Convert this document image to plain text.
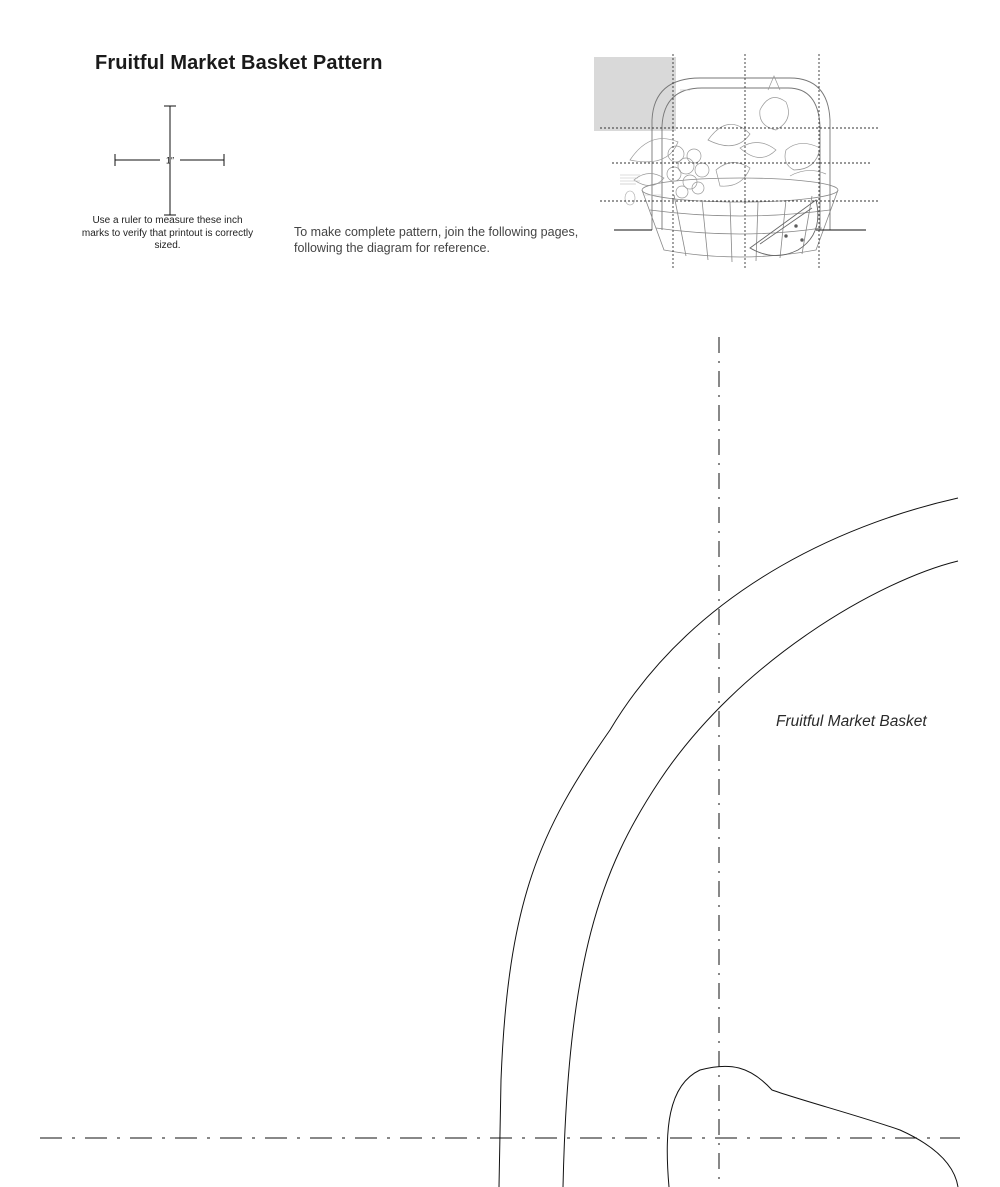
Fruitful Market Basket Pattern
1″
Use a ruler to measure these inch marks to verify that printout is correctly sized.
To make complete pattern, join the following pages, following the diagram for reference.
Fruitful Market Basket
